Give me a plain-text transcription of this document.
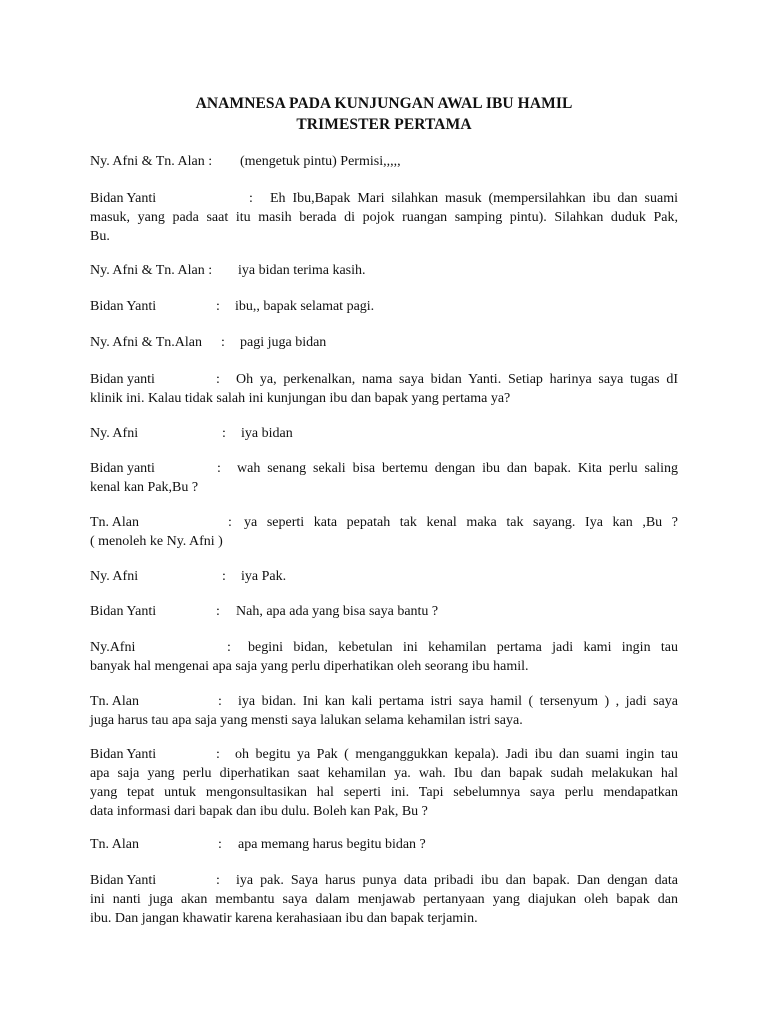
ANAMNESA PADA KUNJUNGAN AWAL IBU HAMIL
TRIMESTER PERTAMA
Ny. Afni & Tn. Alan : (mengetuk pintu) Permisi,,,,,
Bidan Yanti	: Eh Ibu,Bapak Mari silahkan masuk (mempersilahkan ibu dan suami
masuk, yang pada saat itu masih berada di pojok ruangan samping pintu). Silahkan duduk Pak,
Bu.
Ny. Afni & Tn. Alan : iya bidan terima kasih.
Bidan Yanti	: ibu,, bapak selamat pagi.
Ny. Afni & Tn.Alan : pagi juga bidan
Bidan yanti	: Oh ya, perkenalkan, nama saya bidan Yanti. Setiap harinya saya tugas dI
klinik ini. Kalau tidak salah ini kunjungan ibu dan bapak yang pertama ya?
Ny. Afni	: iya bidan
Bidan yanti	: wah senang sekali bisa bertemu dengan ibu dan bapak. Kita perlu saling
kenal kan Pak,Bu ?
Tn. Alan	: ya seperti kata pepatah tak kenal maka tak sayang. Iya kan ,Bu ?
( menoleh ke Ny. Afni )
Ny. Afni	: iya Pak.
Bidan Yanti	: Nah, apa ada yang bisa saya bantu ?
Ny.Afni	: begini bidan, kebetulan ini kehamilan pertama jadi kami ingin tau
banyak hal mengenai apa saja yang perlu diperhatikan oleh seorang ibu hamil.
Tn. Alan	: iya bidan. Ini kan kali pertama istri saya hamil ( tersenyum ) , jadi saya
juga harus tau apa saja yang mensti saya lalukan selama kehamilan istri saya.
Bidan Yanti	: oh begitu ya Pak ( menganggukkan kepala). Jadi ibu dan suami ingin tau
apa saja yang perlu diperhatikan saat kehamilan ya. wah. Ibu dan bapak sudah melakukan hal
yang tepat untuk mengonsultasikan hal seperti ini. Tapi sebelumnya saya perlu mendapatkan
data informasi dari bapak dan ibu dulu. Boleh kan Pak, Bu ?
Tn. Alan	: apa memang harus begitu bidan ?
Bidan Yanti	: iya pak. Saya harus punya data pribadi ibu dan bapak. Dan dengan data
ini nanti juga akan membantu saya dalam menjawab pertanyaan yang diajukan oleh bapak dan
ibu. Dan jangan khawatir karena kerahasiaan ibu dan bapak terjamin.
